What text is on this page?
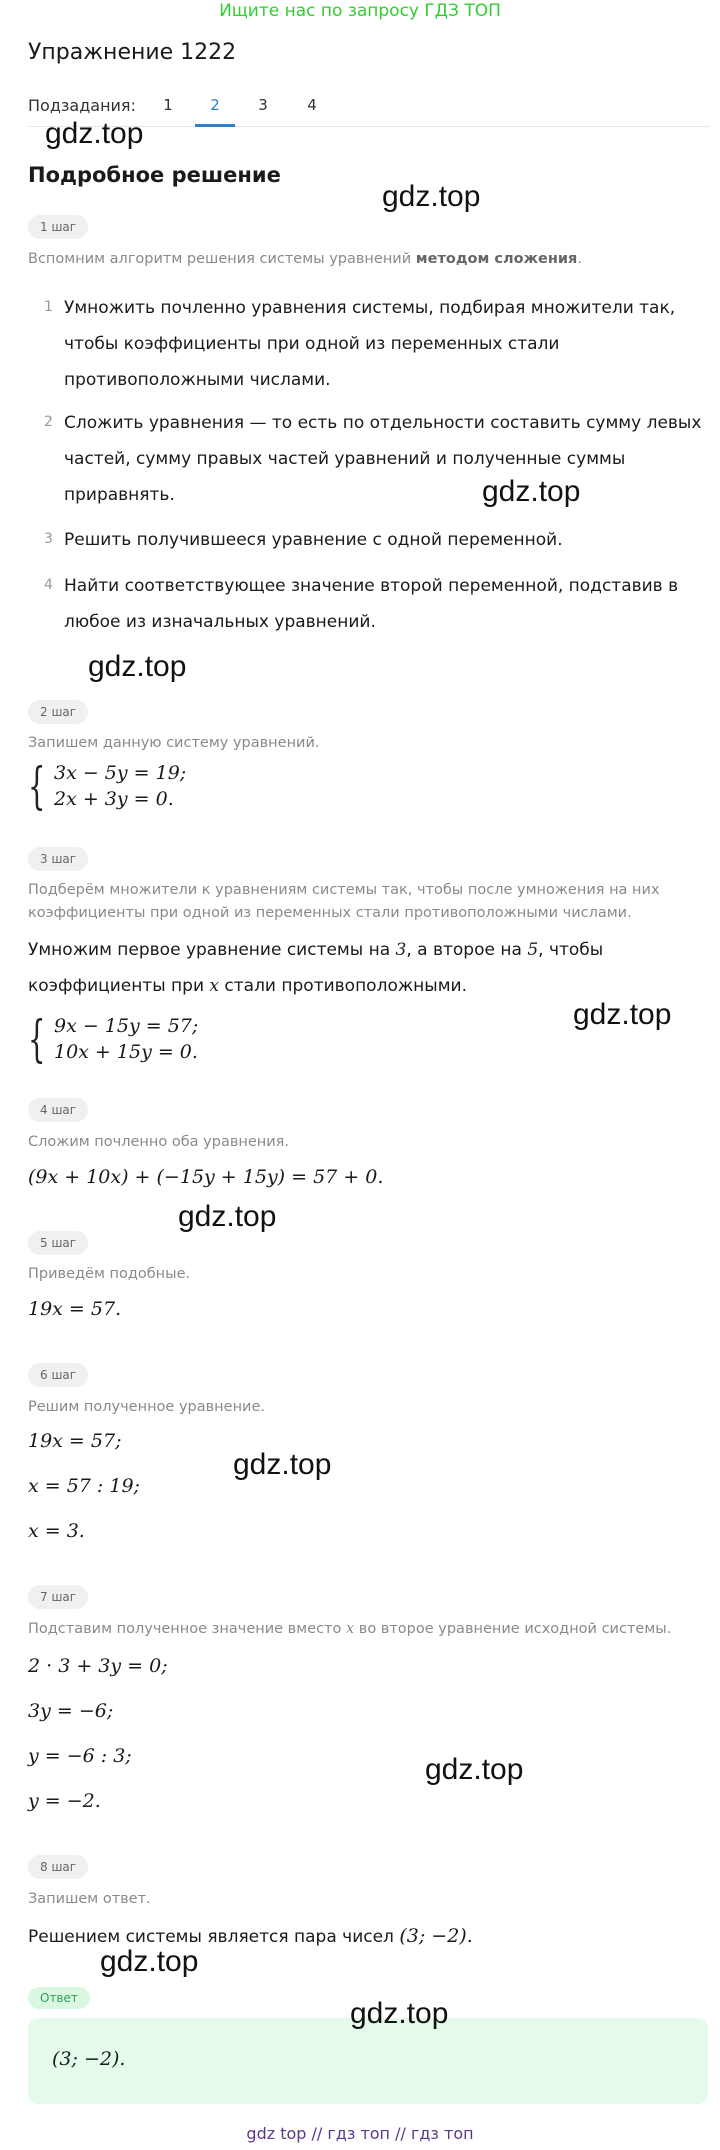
Ищите нас по запросу ГДЗ ТОП
Упражнение 1222
Подзадания:	1	2	3	4
Подробное решение
1 шаг
Вспомним алгоритм решения системы уравнений методом сложения.
1 Умножить почленно уравнения системы, подбирая множители так, чтобы коэффициенты при одной из переменных стали противоположными числами.
2 Сложить уравнения — то есть по отдельности составить сумму левых частей, сумму правых частей уравнений и полученные суммы приравнять.
3 Решить получившееся уравнение с одной переменной.
4 Найти соответствующее значение второй переменной, подставив в любое из изначальных уравнений.
2 шаг
Запишем данную систему уравнений.
{ 3x − 5y = 19;
2x + 3y = 0.
3 шаг
Подберём множители к уравнениям системы так, чтобы после умножения на них коэффициенты при одной из переменных стали противоположными числами.
Умножим первое уравнение системы на 3, а второе на 5, чтобы коэффициенты при x стали противоположными.
{ 9x − 15y = 57;
10x + 15y = 0.
4 шаг
Сложим почленно оба уравнения.
(9x + 10x) + (−15y + 15y) = 57 + 0.
5 шаг
Приведём подобные.
19x = 57.
6 шаг
Решим полученное уравнение.
19x = 57;
x = 57 : 19;
x = 3.
7 шаг
Подставим полученное значение вместо x во второе уравнение исходной системы.
2 · 3 + 3y = 0;
3y = −6;
y = −6 : 3;
y = −2.
8 шаг
Запишем ответ.
Решением системы является пара чисел (3; −2).
Ответ
(3; −2).
gdz top // гдз топ // гдз топ
gdz.top
gdz.top
gdz.top
gdz.top
gdz.top
gdz.top
gdz.top
gdz.top
gdz.top
gdz.top
